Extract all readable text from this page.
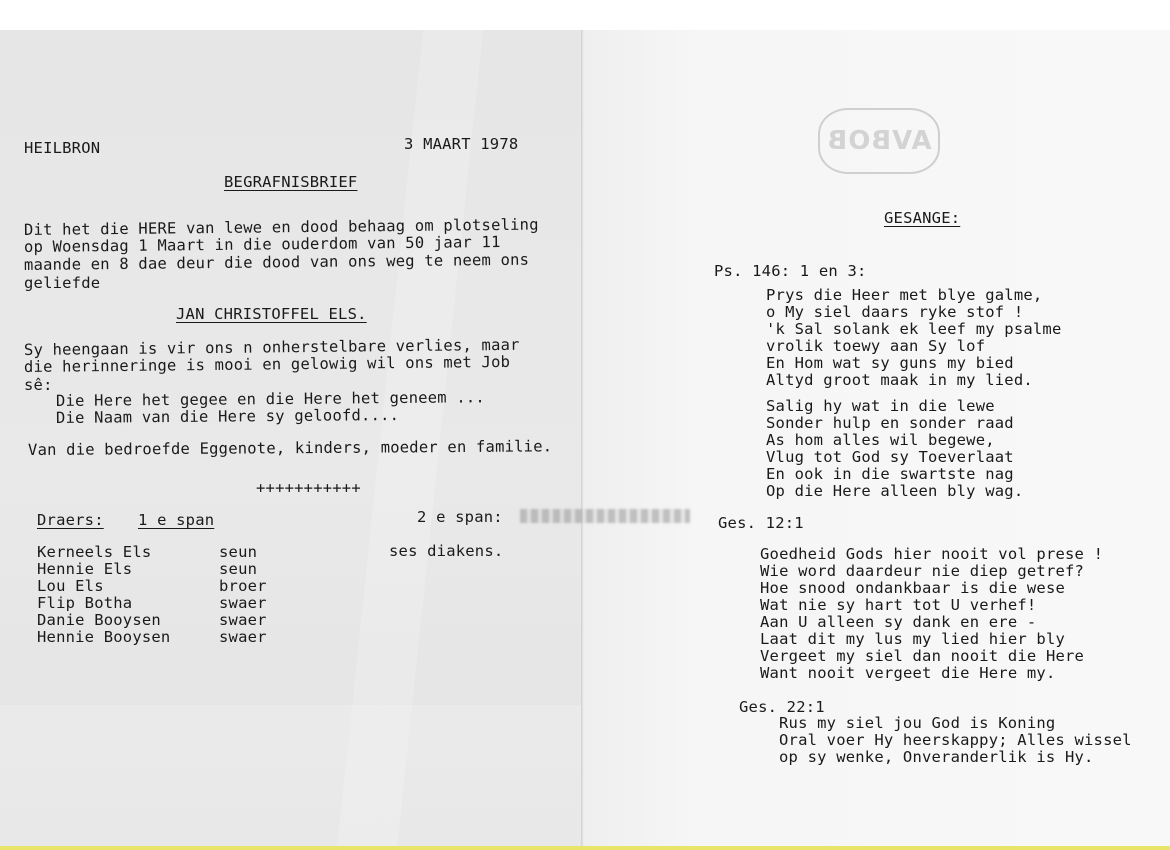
HEILBRON	3 MAART 1978
BEGRAFNISBRIEF
Dit het die HERE van lewe en dood behaag om plotseling
op Woensdag 1 Maart in die ouderdom van 50 jaar 11
maande en 8 dae deur die dood van ons weg te neem ons
geliefde
JAN CHRISTOFFEL ELS.
Sy heengaan is vir ons n onherstelbare verlies, maar
die herinneringe is mooi en gelowig wil ons met Job
sê:
Die Here het gegee en die Here het geneem ...
Die Naam van die Here sy geloofd....
Van die bedroefde Eggenote, kinders, moeder en familie.
+++++++++++
Draers: 1 e span	2 e span:
ses diakens.
Kerneels Els	seun
Hennie Els	seun
Lou Els	broer
Flip Botha	swaer
Danie Booysen	swaer
Hennie Booysen	swaer
AVBOB
GESANGE:
Ps. 146: 1 en 3:
Prys die Heer met blye galme,
o My siel daars ryke stof !
'k Sal solank ek leef my psalme
vrolik toewy aan Sy lof
En Hom wat sy guns my bied
Altyd groot maak in my lied.
Salig hy wat in die lewe
Sonder hulp en sonder raad
As hom alles wil begewe,
Vlug tot God sy Toeverlaat
En ook in die swartste nag
Op die Here alleen bly wag.
Ges. 12:1
Goedheid Gods hier nooit vol prese !
Wie word daardeur nie diep getref?
Hoe snood ondankbaar is die wese
Wat nie sy hart tot U verhef!
Aan U alleen sy dank en ere -
Laat dit my lus my lied hier bly
Vergeet my siel dan nooit die Here
Want nooit vergeet die Here my.
Ges. 22:1
Rus my siel jou God is Koning
Oral voer Hy heerskappy; Alles wissel
op sy wenke, Onveranderlik is Hy.
